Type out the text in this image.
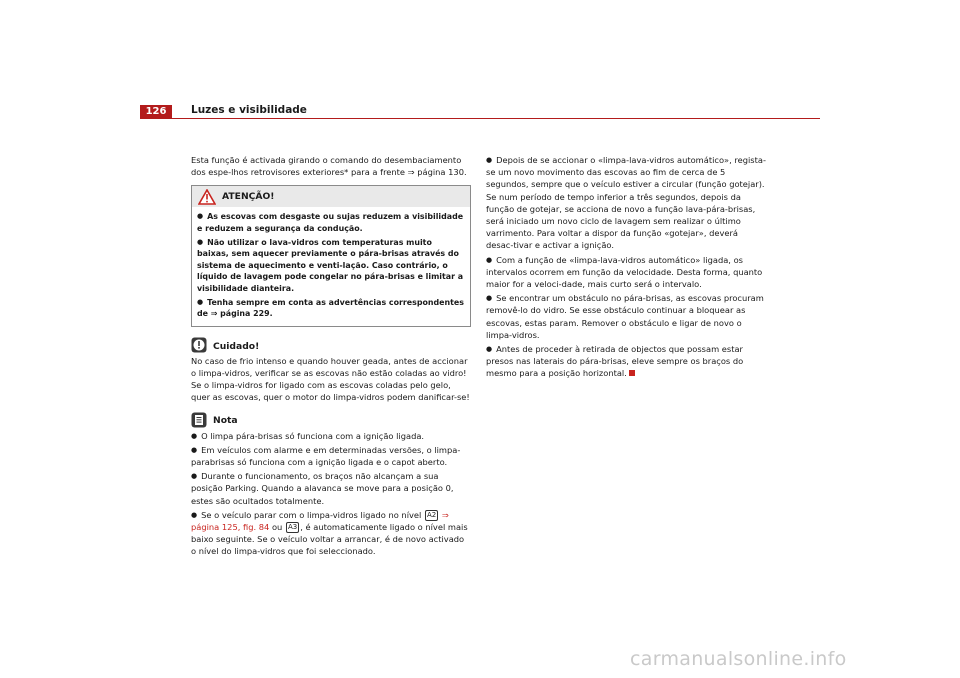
126	Luzes e visibilidade

Esta função é activada girando o comando do desembaciamento dos espe-lhos retrovisores exteriores* para a frente ⇒ página 130.

ATENÇÃO!

● As escovas com desgaste ou sujas reduzem a visibilidade e reduzem a segurança da condução.

● Não utilizar o lava-vidros com temperaturas muito baixas, sem aquecer previamente o pára-brisas através do sistema de aquecimento e venti-lação. Caso contrário, o líquido de lavagem pode congelar no pára-brisas e limitar a visibilidade dianteira.

● Tenha sempre em conta as advertências correspondentes de ⇒ página 229.

Cuidado!

No caso de frio intenso e quando houver geada, antes de accionar o limpa-vidros, verificar se as escovas não estão coladas ao vidro! Se o limpa-vidros for ligado com as escovas coladas pelo gelo, quer as escovas, quer o motor do limpa-vidros podem danificar-se!

Nota

● O limpa pára-brisas só funciona com a ignição ligada.

● Em veículos com alarme e em determinadas versões, o limpa-parabrisas só funciona com a ignição ligada e o capot aberto.

● Durante o funcionamento, os braços não alcançam a sua posição Parking. Quando a alavanca se move para a posição 0, estes são ocultados totalmente.

● Se o veículo parar com o limpa-vidros ligado no nível A2 ⇒ página 125, fig. 84 ou A3 , é automaticamente ligado o nível mais baixo seguinte. Se o veículo voltar a arrancar, é de novo activado o nível do limpa-vidros que foi seleccionado.

● Depois de se accionar o «limpa-lava-vidros automático», regista-se um novo movimento das escovas ao fim de cerca de 5 segundos, sempre que o veículo estiver a circular (função gotejar). Se num período de tempo inferior a três segundos, depois da função de gotejar, se acciona de novo a função lava-pára-brisas, será iniciado um novo ciclo de lavagem sem realizar o último varrimento. Para voltar a dispor da função «gotejar», deverá desac-tivar e activar a ignição.

● Com a função de «limpa-lava-vidros automático» ligada, os intervalos ocorrem em função da velocidade. Desta forma, quanto maior for a veloci-dade, mais curto será o intervalo.

● Se encontrar um obstáculo no pára-brisas, as escovas procuram removê-lo do vidro. Se esse obstáculo continuar a bloquear as escovas, estas param. Remover o obstáculo e ligar de novo o limpa-vidros.

● Antes de proceder à retirada de objectos que possam estar presos nas laterais do pára-brisas, eleve sempre os braços do mesmo para a posição horizontal.

carmanualsonline.info
